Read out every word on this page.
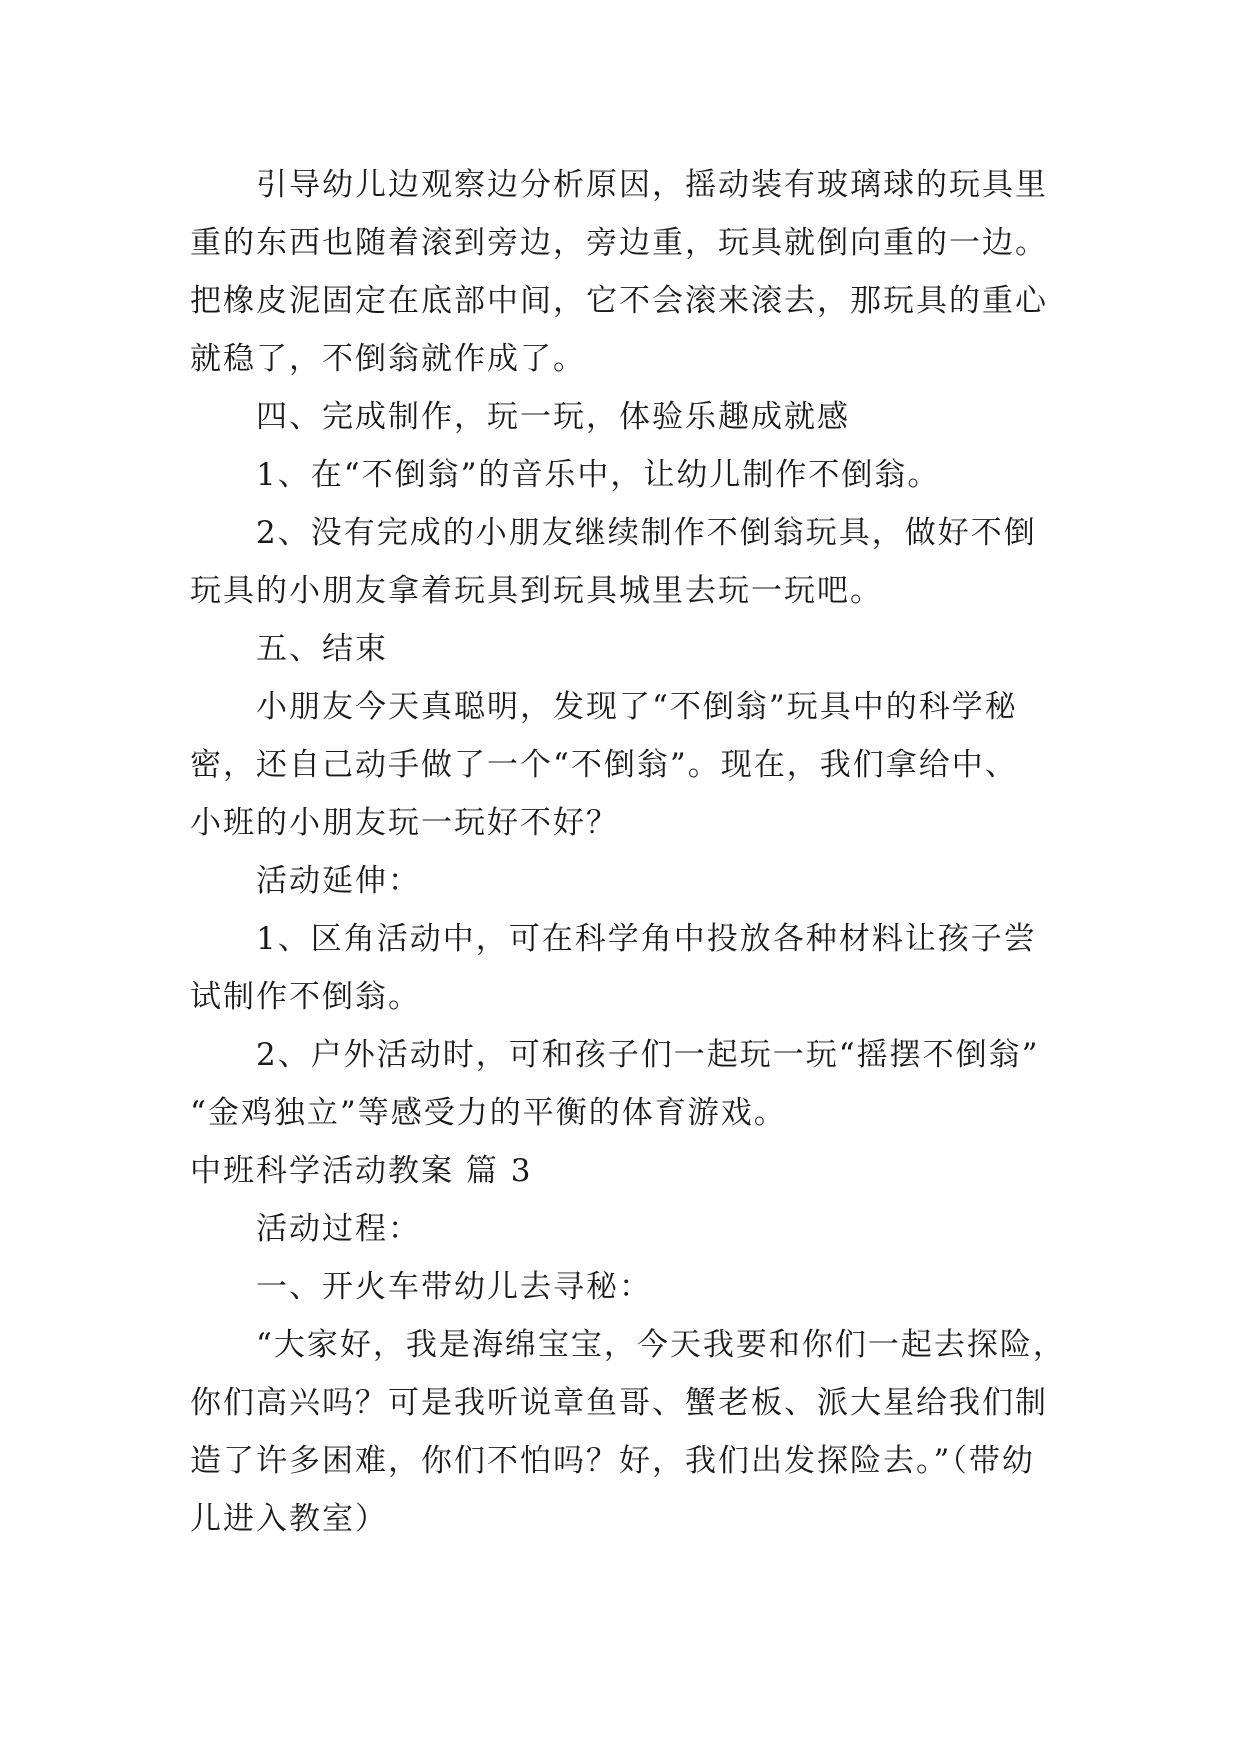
引导幼儿边观察边分析原因，摇动装有玻璃球的玩具里
重的东西也随着滚到旁边，旁边重，玩具就倒向重的一边。
把橡皮泥固定在底部中间，它不会滚来滚去，那玩具的重心
就稳了，不倒翁就作成了。
四、完成制作，玩一玩，体验乐趣成就感
1、在“不倒翁”的音乐中，让幼儿制作不倒翁。
2、没有完成的小朋友继续制作不倒翁玩具，做好不倒
玩具的小朋友拿着玩具到玩具城里去玩一玩吧。
五、结束
小朋友今天真聪明，发现了“不倒翁”玩具中的科学秘
密，还自己动手做了一个“不倒翁”。现在，我们拿给中、
小班的小朋友玩一玩好不好？
活动延伸：
1、区角活动中，可在科学角中投放各种材料让孩子尝
试制作不倒翁。
2、户外活动时，可和孩子们一起玩一玩“摇摆不倒翁”
“金鸡独立”等感受力的平衡的体育游戏。
中班科学活动教案 篇 3
活动过程：
一、开火车带幼儿去寻秘：
“大家好，我是海绵宝宝，今天我要和你们一起去探险，
你们高兴吗？可是我听说章鱼哥、蟹老板、派大星给我们制
造了许多困难，你们不怕吗？好，我们出发探险去。”（带幼
儿进入教室）
